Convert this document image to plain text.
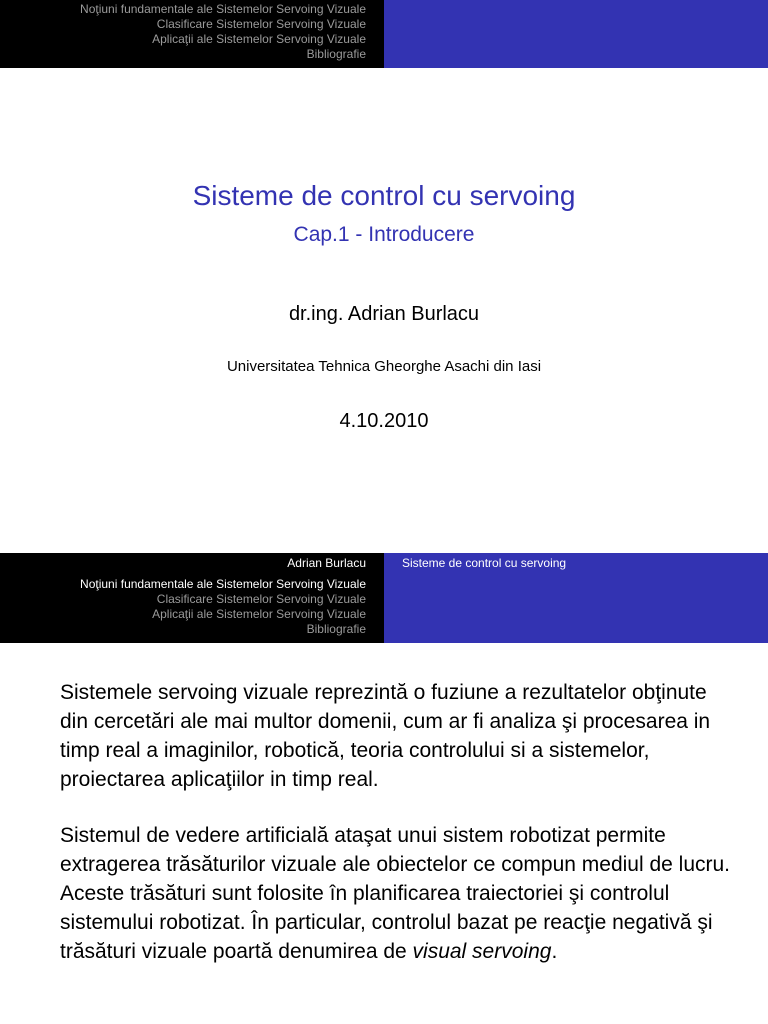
Noţiuni fundamentale ale Sistemelor Servoing Vizuale
Clasificare Sistemelor Servoing Vizuale
Aplicaţii ale Sistemelor Servoing Vizuale
Bibliografie
Sisteme de control cu servoing
Cap.1 - Introducere
dr.ing. Adrian Burlacu
Universitatea Tehnica Gheorghe Asachi din Iasi
4.10.2010
Adrian Burlacu
Noţiuni fundamentale ale Sistemelor Servoing Vizuale
Clasificare Sistemelor Servoing Vizuale
Aplicaţii ale Sistemelor Servoing Vizuale
Bibliografie
Sisteme de control cu servoing

Sistemele servoing vizuale reprezintă o fuziune a rezultatelor obţinute din cercetări ale mai multor domenii, cum ar fi analiza şi procesarea in timp real a imaginilor, robotică, teoria controlului si a sistemelor, proiectarea aplicaţiilor in timp real.

Sistemul de vedere artificială ataşat unui sistem robotizat permite extragerea trăsăturilor vizuale ale obiectelor ce compun mediul de lucru. Aceste trăsături sunt folosite în planificarea traiectoriei şi controlul sistemului robotizat. În particular, controlul bazat pe reacţie negativă şi trăsături vizuale poartă denumirea de visual servoing.
